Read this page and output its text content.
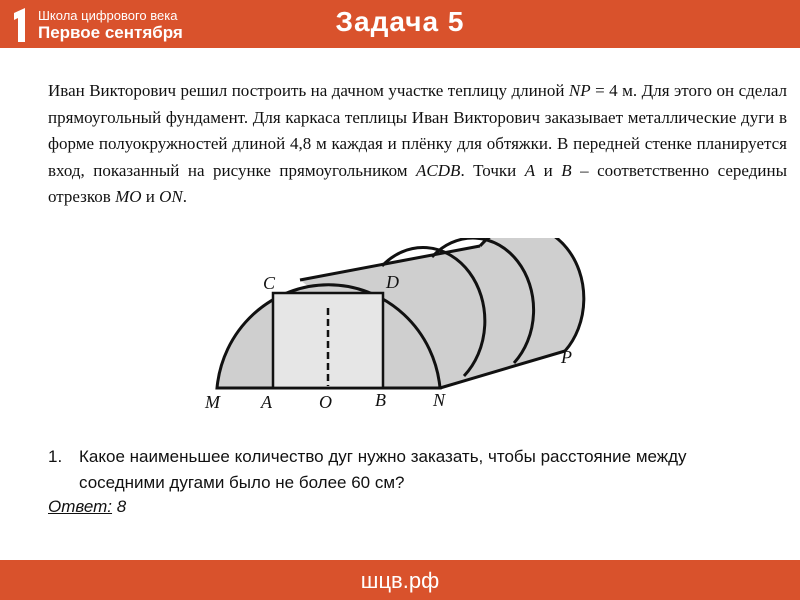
Школа цифрового века
Первое сентября	Задача 5

Иван Викторович решил построить на дачном участке теплицу длиной NP = 4 м. Для этого он сделал прямоугольный фундамент. Для каркаса теплицы Иван Викторович заказывает металлические дуги в форме полуокружностей длиной 4,8 м каждая и плёнку для обтяжки. В передней стенке планируется вход, показанный на рисунке прямоугольником ACDB. Точки A и B – соответственно середины отрезков MO и ON.

C	D
P
M A	O B	N
1. Какое наименьшее количество дуг нужно заказать, чтобы расстояние между соседними дугами было не более 60 см?
Ответ: 8
шцв.рф
